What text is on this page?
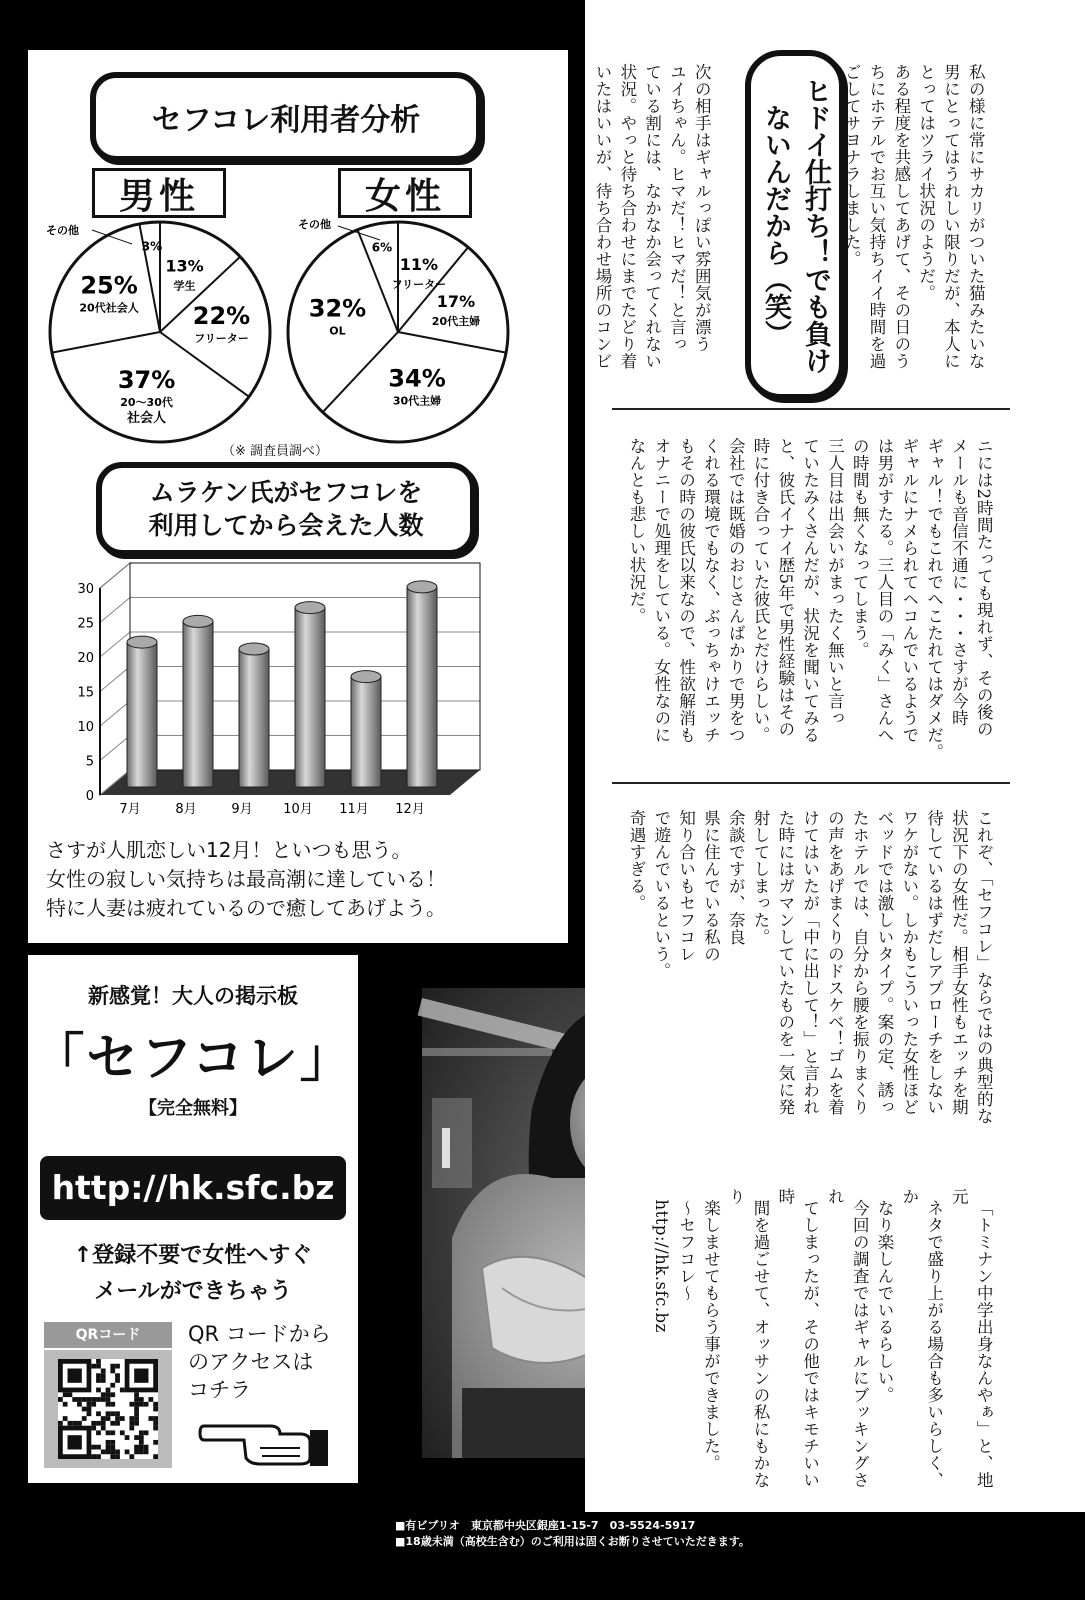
セフコレ利用者分析
男性	女性
その他	その他
3%
13%
学生
22%
フリーター
37%
20〜30代
社会人
25%
20代社会人
6%
11%
フリーター
17%
20代主婦
34%
30代主婦
32%
OL
（※ 調査員調べ）
ムラケン氏がセフコレを
利用してから会えた人数
0
5
10
15
20
25
30
7月	8月	9月 10月 11月 12月
さすが人肌恋しい12月！といつも思う。
女性の寂しい気持ちは最高潮に達している！
特に人妻は疲れているので癒してあげよう。
新感覚！大人の掲示板
「セフコレ」
【完全無料】
http://hk.sfc.bz
↑登録不要で女性へすぐ
メールができちゃう
QRコード	QR コードから
のアクセスは
コチラ
ヒドイ仕打ち！でも負けないんだから（笑）	私の様に常にサカリがついた猫みたいな
男にとってはうれしい限りだが、本人に
とってはツライ状況のようだ。
ある程度を共感してあげて、その日のう
ちにホテルでお互い気持ちイイ時間を過
ごしてサヨナラしました。

次の相手はギャルっぽい雰囲気が漂う
ユイちゃん。ヒマだ！ヒマだ！と言っ
ている割には、なかなか会ってくれない
状況。やっと待ち合わせにまでたどり着
いたはいいが、待ち合わせ場所のコンビ

ニには2時間たっても現れず、その後の
メールも音信不通に・・・さすが今時
ギャル！でもこれでへこたれてはダメだ。
ギャルにナメられてヘコんでいるようで
は男がすたる。三人目の「みく」さんへ
の時間も無くなってしまう。
三人目は出会いがまったく無いと言っ
ていたみくさんだが、状況を聞いてみる
と、彼氏イナイ歴5年で男性経験はその
時に付き合っていた彼氏とだけらしい。
会社では既婚のおじさんばかりで男をつ
くれる環境でもなく、ぶっちゃけエッチ
もその時の彼氏以来なので、性欲解消も
オナニーで処理をしている。女性なのに
なんとも悲しい状況だ。

これぞ、「セフコレ」ならではの典型的な
状況下の女性だ。相手女性もエッチを期
待しているはずだしアプローチをしない
ワケがない。しかもこういった女性ほど
ベッドでは激しいタイプ。案の定、誘っ
たホテルでは、自分から腰を振りまくり
の声をあげまくりのドスケベ！ゴムを着
けてはいたが「中に出して！」と言われ
た時にはガマンしていたものを一気に発
射してしまった。
余談ですが、奈良
県に住んでいる私の
知り合いもセフコレ
で遊んでいるという。
奇遇すぎる。

「トミナン中学出身なんやぁ」と、地元
ネタで盛り上がる場合も多いらしく、か
なり楽しんでいるらしい。
今回の調査ではギャルにブッキングされ
てしまったが、その他ではキモチいい時
間を過ごせて、オッサンの私にもかなり
楽しませてもらう事ができました。
〜セフコレ〜
http://hk.sfc.bz

■有ビブリオ　東京都中央区銀座1-15-7　03-5524-5917
■18歳未満（高校生含む）のご利用は固くお断りさせていただきます。
